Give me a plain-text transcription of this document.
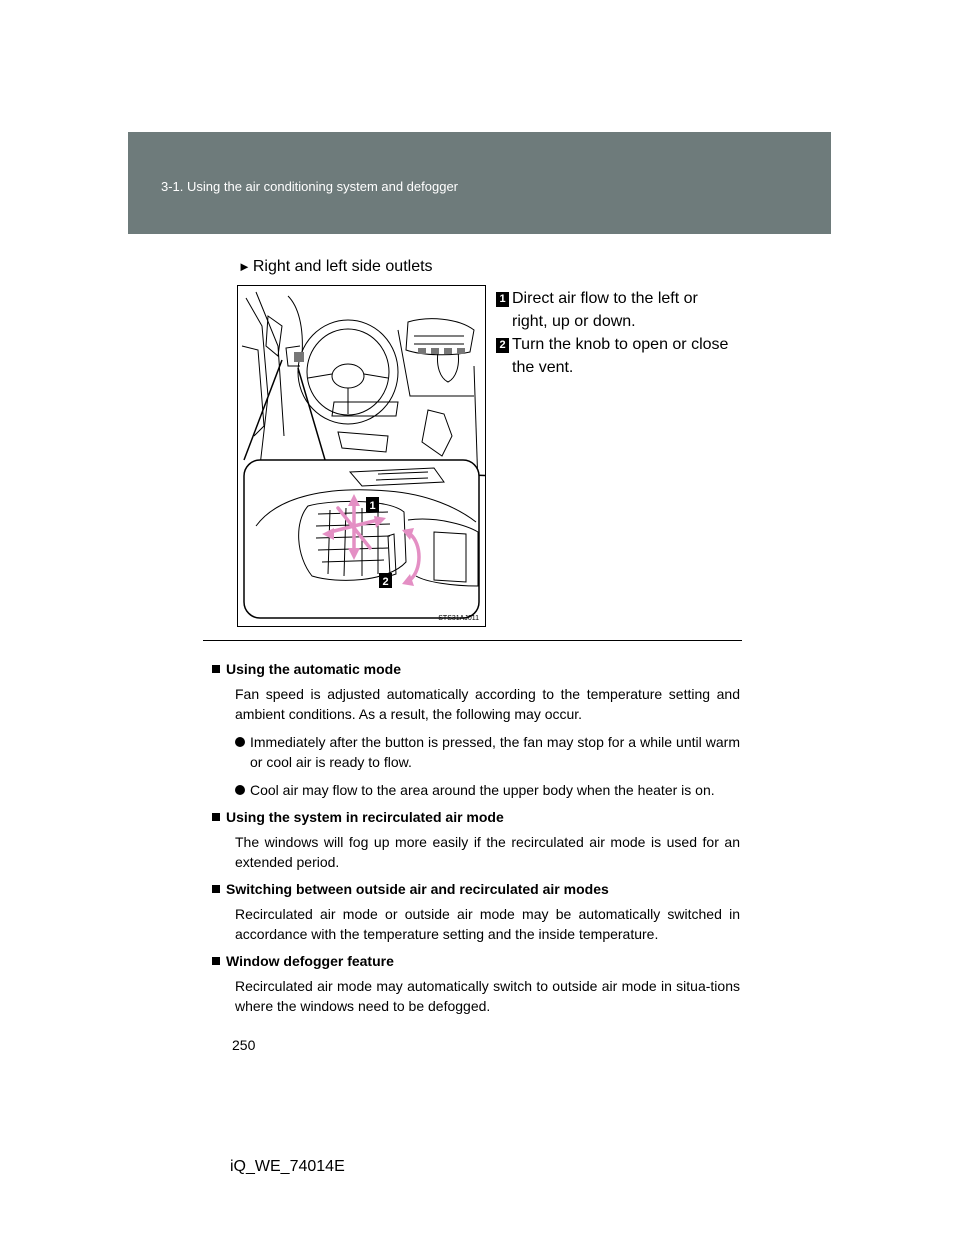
3-1. Using the air conditioning system and defogger
► Right and left side outlets
1
2
STS31AJ011
1 Direct air flow to the left or
right, up or down.
2 Turn the knob to open or close
the vent.
Using the automatic mode
Fan speed is adjusted automatically according to the temperature setting and ambient conditions. As a result, the following may occur.
Immediately after the button is pressed, the fan may stop for a while until warm or cool air is ready to flow.
Cool air may flow to the area around the upper body when the heater is on.
Using the system in recirculated air mode
The windows will fog up more easily if the recirculated air mode is used for an extended period.
Switching between outside air and recirculated air modes
Recirculated air mode or outside air mode may be automatically switched in accordance with the temperature setting and the inside temperature.
Window defogger feature
Recirculated air mode may automatically switch to outside air mode in situa-tions where the windows need to be defogged.
250
iQ_WE_74014E
